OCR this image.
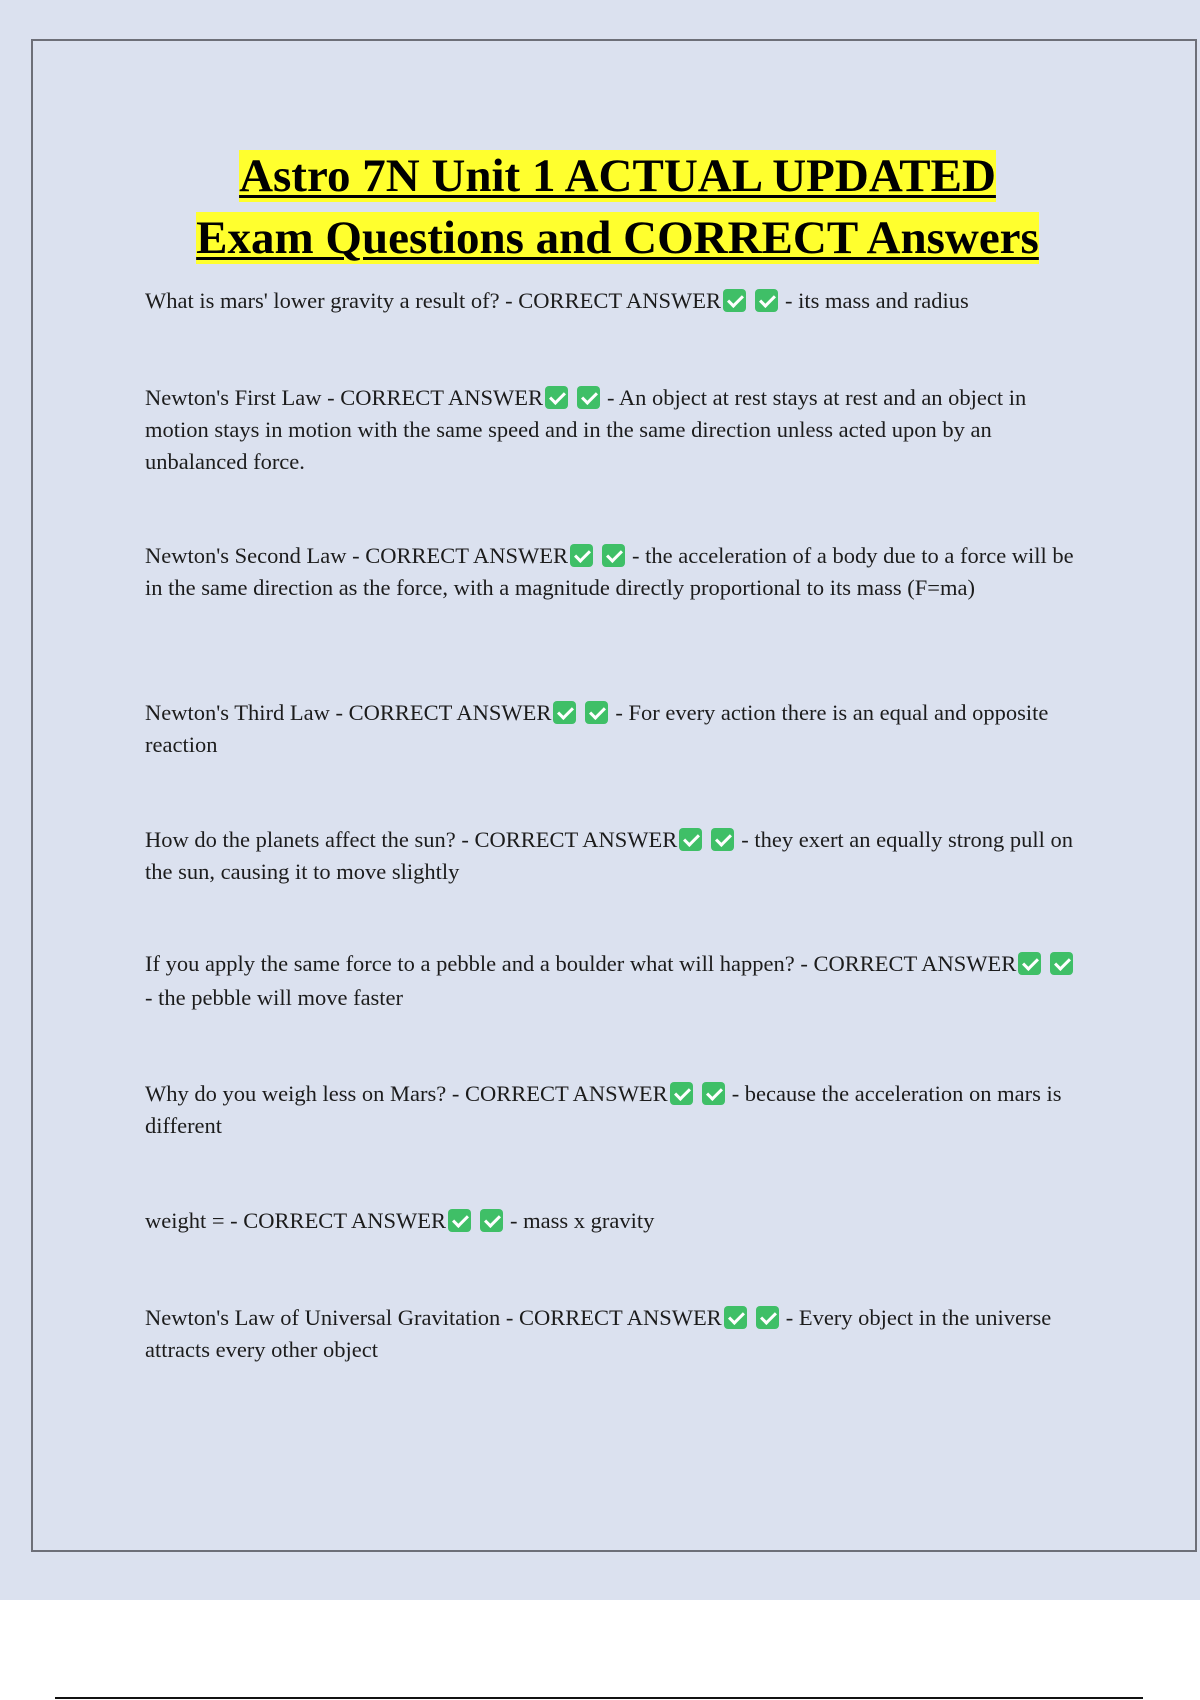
Astro 7N Unit 1 ACTUAL UPDATED
Exam Questions and CORRECT Answers

What is mars' lower gravity a result of? - CORRECT ANSWER	- its mass and radius

Newton's First Law - CORRECT ANSWER	- An object at rest stays at rest and an object in motion stays in motion with the same speed and in the same direction unless acted upon by an unbalanced force.

Newton's Second Law - CORRECT ANSWER	- the acceleration of a body due to a force will be in the same direction as the force, with a magnitude directly proportional to its mass (F=ma)

Newton's Third Law - CORRECT ANSWER	- For every action there is an equal and opposite reaction

How do the planets affect the sun? - CORRECT ANSWER	- they exert an equally strong pull on the sun, causing it to move slightly

If you apply the same force to a pebble and a boulder what will happen? - CORRECT ANSWER- the pebble will move faster

Why do you weigh less on Mars? - CORRECT ANSWER	- because the acceleration on mars is different

weight = - CORRECT ANSWER	- mass x gravity

Newton's Law of Universal Gravitation - CORRECT ANSWER	- Every object in the universe attracts every other object
